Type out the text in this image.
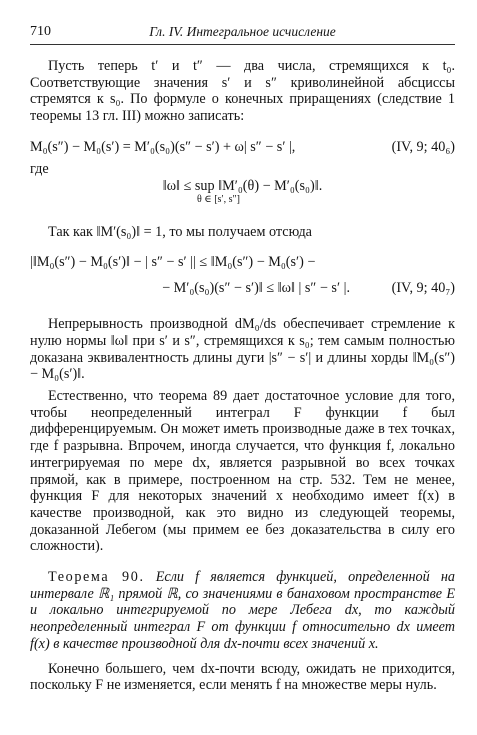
710	Гл. IV. Интегральное исчисление

Пусть теперь t′ и t″ — два числа, стремящихся к t₀. Соответствующие значения s′ и s″ криволинейной абсциссы стремятся к s₀. По формуле о конечных приращениях (следствие 1 теоремы 13 гл. III) можно записать:

M₀(s″) − M₀(s′) = M′₀(s₀)(s″ − s′) + ω| s″ − s′ |,	(IV, 9; 40₆)

где

‖ω‖ ≤ sup ‖M′₀(θ) − M′₀(s₀)‖.
θ ∈ [s′, s″]

Так как ‖M′(s₀)‖ = 1, то мы получаем отсюда

|‖M₀(s″) − M₀(s′)‖ − | s″ − s′ || ≤ ‖M₀(s″) − M₀(s′) −
− M′₀(s₀)(s″ − s′)‖ ≤ ‖ω‖ | s″ − s′ |.	(IV, 9; 40₇)

Непрерывность производной dM₀/ds обеспечивает стремление к нулю нормы ‖ω‖ при s′ и s″, стремящихся к s₀; тем самым полностью доказана эквивалентность длины дуги |s″ − s′| и длины хорды ‖M₀(s″) − M₀(s′)‖.

Естественно, что теорема 89 дает достаточное условие для того, чтобы неопределенный интеграл F функции f был дифференцируемым. Он может иметь производные даже в тех точках, где f разрывна. Впрочем, иногда случается, что функция f, локально интегрируемая по мере dx, является разрывной во всех точках прямой, как в примере, построенном на стр. 532. Тем не менее, функция F для некоторых значений x необходимо имеет f(x) в качестве производной, как это видно из следующей теоремы, доказанной Лебегом (мы примем ее без доказательства в силу его сложности).

Теорема 90. Если f является функцией, определенной на интервале ℝ₁ прямой ℝ, со значениями в банаховом пространстве E и локально интегрируемой по мере Лебега dx, то каждый неопределенный интеграл F от функции f относительно dx имеет f(x) в качестве производной для dx-почти всех значений x.

Конечно большего, чем dx-почти всюду, ожидать не приходится, поскольку F не изменяется, если менять f на множестве меры нуль.
